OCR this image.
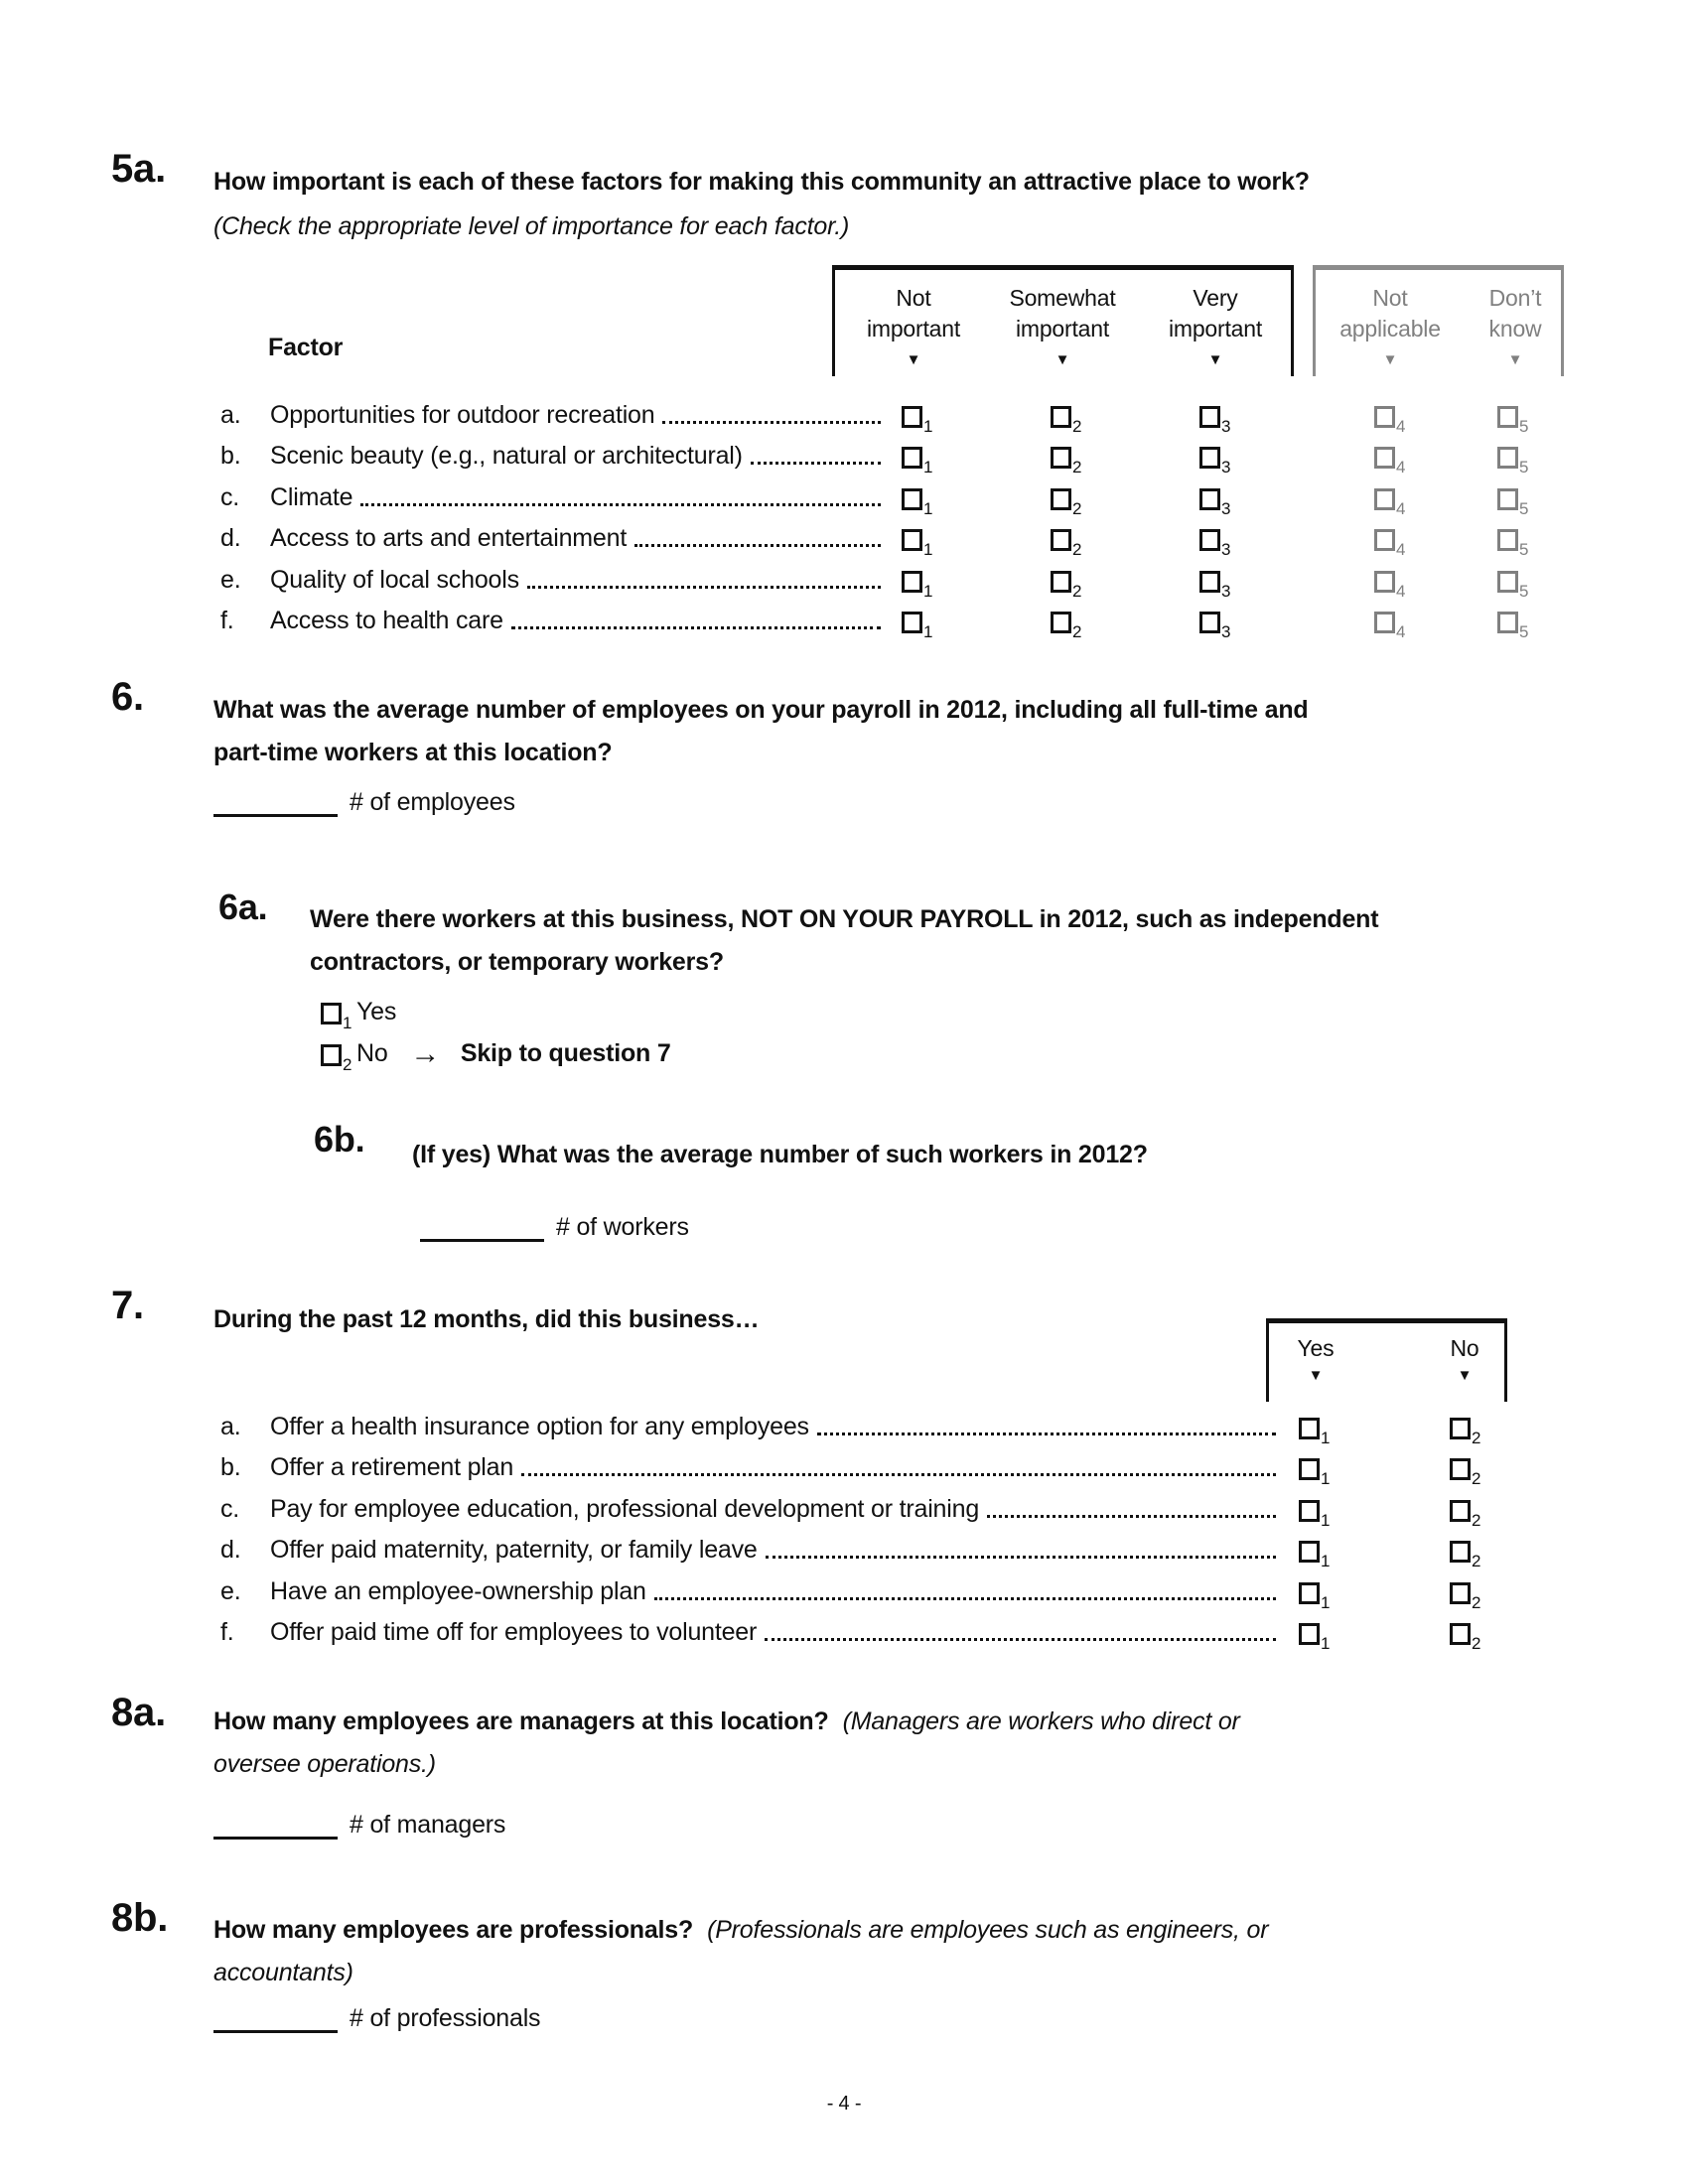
5a. How important is each of these factors for making this community an attractive place to work?
(Check the appropriate level of importance for each factor.)
Not
important
▼
Somewhat
important
▼
Very
important
▼
Not
applicable
▼
Don’t
know
▼
Factor
a. Opportunities for outdoor recreation	$_1$	$_2$	$_3$	$_4$	$_5$
b. Scenic beauty (e.g., natural or architectural)	$_1$	$_2$	$_3$	$_4$	$_5$
c. Climate	$_1$	$_2$	$_3$	$_4$	$_5$
d. Access to arts and entertainment	$_1$	$_2$	$_3$	$_4$	$_5$
e. Quality of local schools	$_1$	$_2$	$_3$	$_4$	$_5$
f. Access to health care	$_1$	$_2$	$_3$	$_4$	$_5$
6.	What was the average number of employees on your payroll in 2012, including all full-time and
part-time workers at this location?
# of employees
6a. Were there workers at this business, NOT ON YOUR PAYROLL in 2012, such as independent
contractors, or temporary workers?
$_1$ Yes
$_2$ No → Skip to question 7
6b. (If yes) What was the average number of such workers in 2012?
# of workers
7.	During the past 12 months, did this business…
Yes
▼
No
▼
a. Offer a health insurance option for any employees	$_1$	$_2$
b. Offer a retirement plan	$_1$	$_2$
c. Pay for employee education, professional development or training	$_1$	$_2$
d. Offer paid maternity, paternity, or family leave	$_1$	$_2$
e. Have an employee-ownership plan	$_1$	$_2$
f. Offer paid time off for employees to volunteer	$_1$	$_2$
8a. How many employees are managers at this location? (Managers are workers who direct or
oversee operations.)
# of managers
8b. How many employees are professionals? (Professionals are employees such as engineers, or
accountants)
# of professionals
- 4 -
